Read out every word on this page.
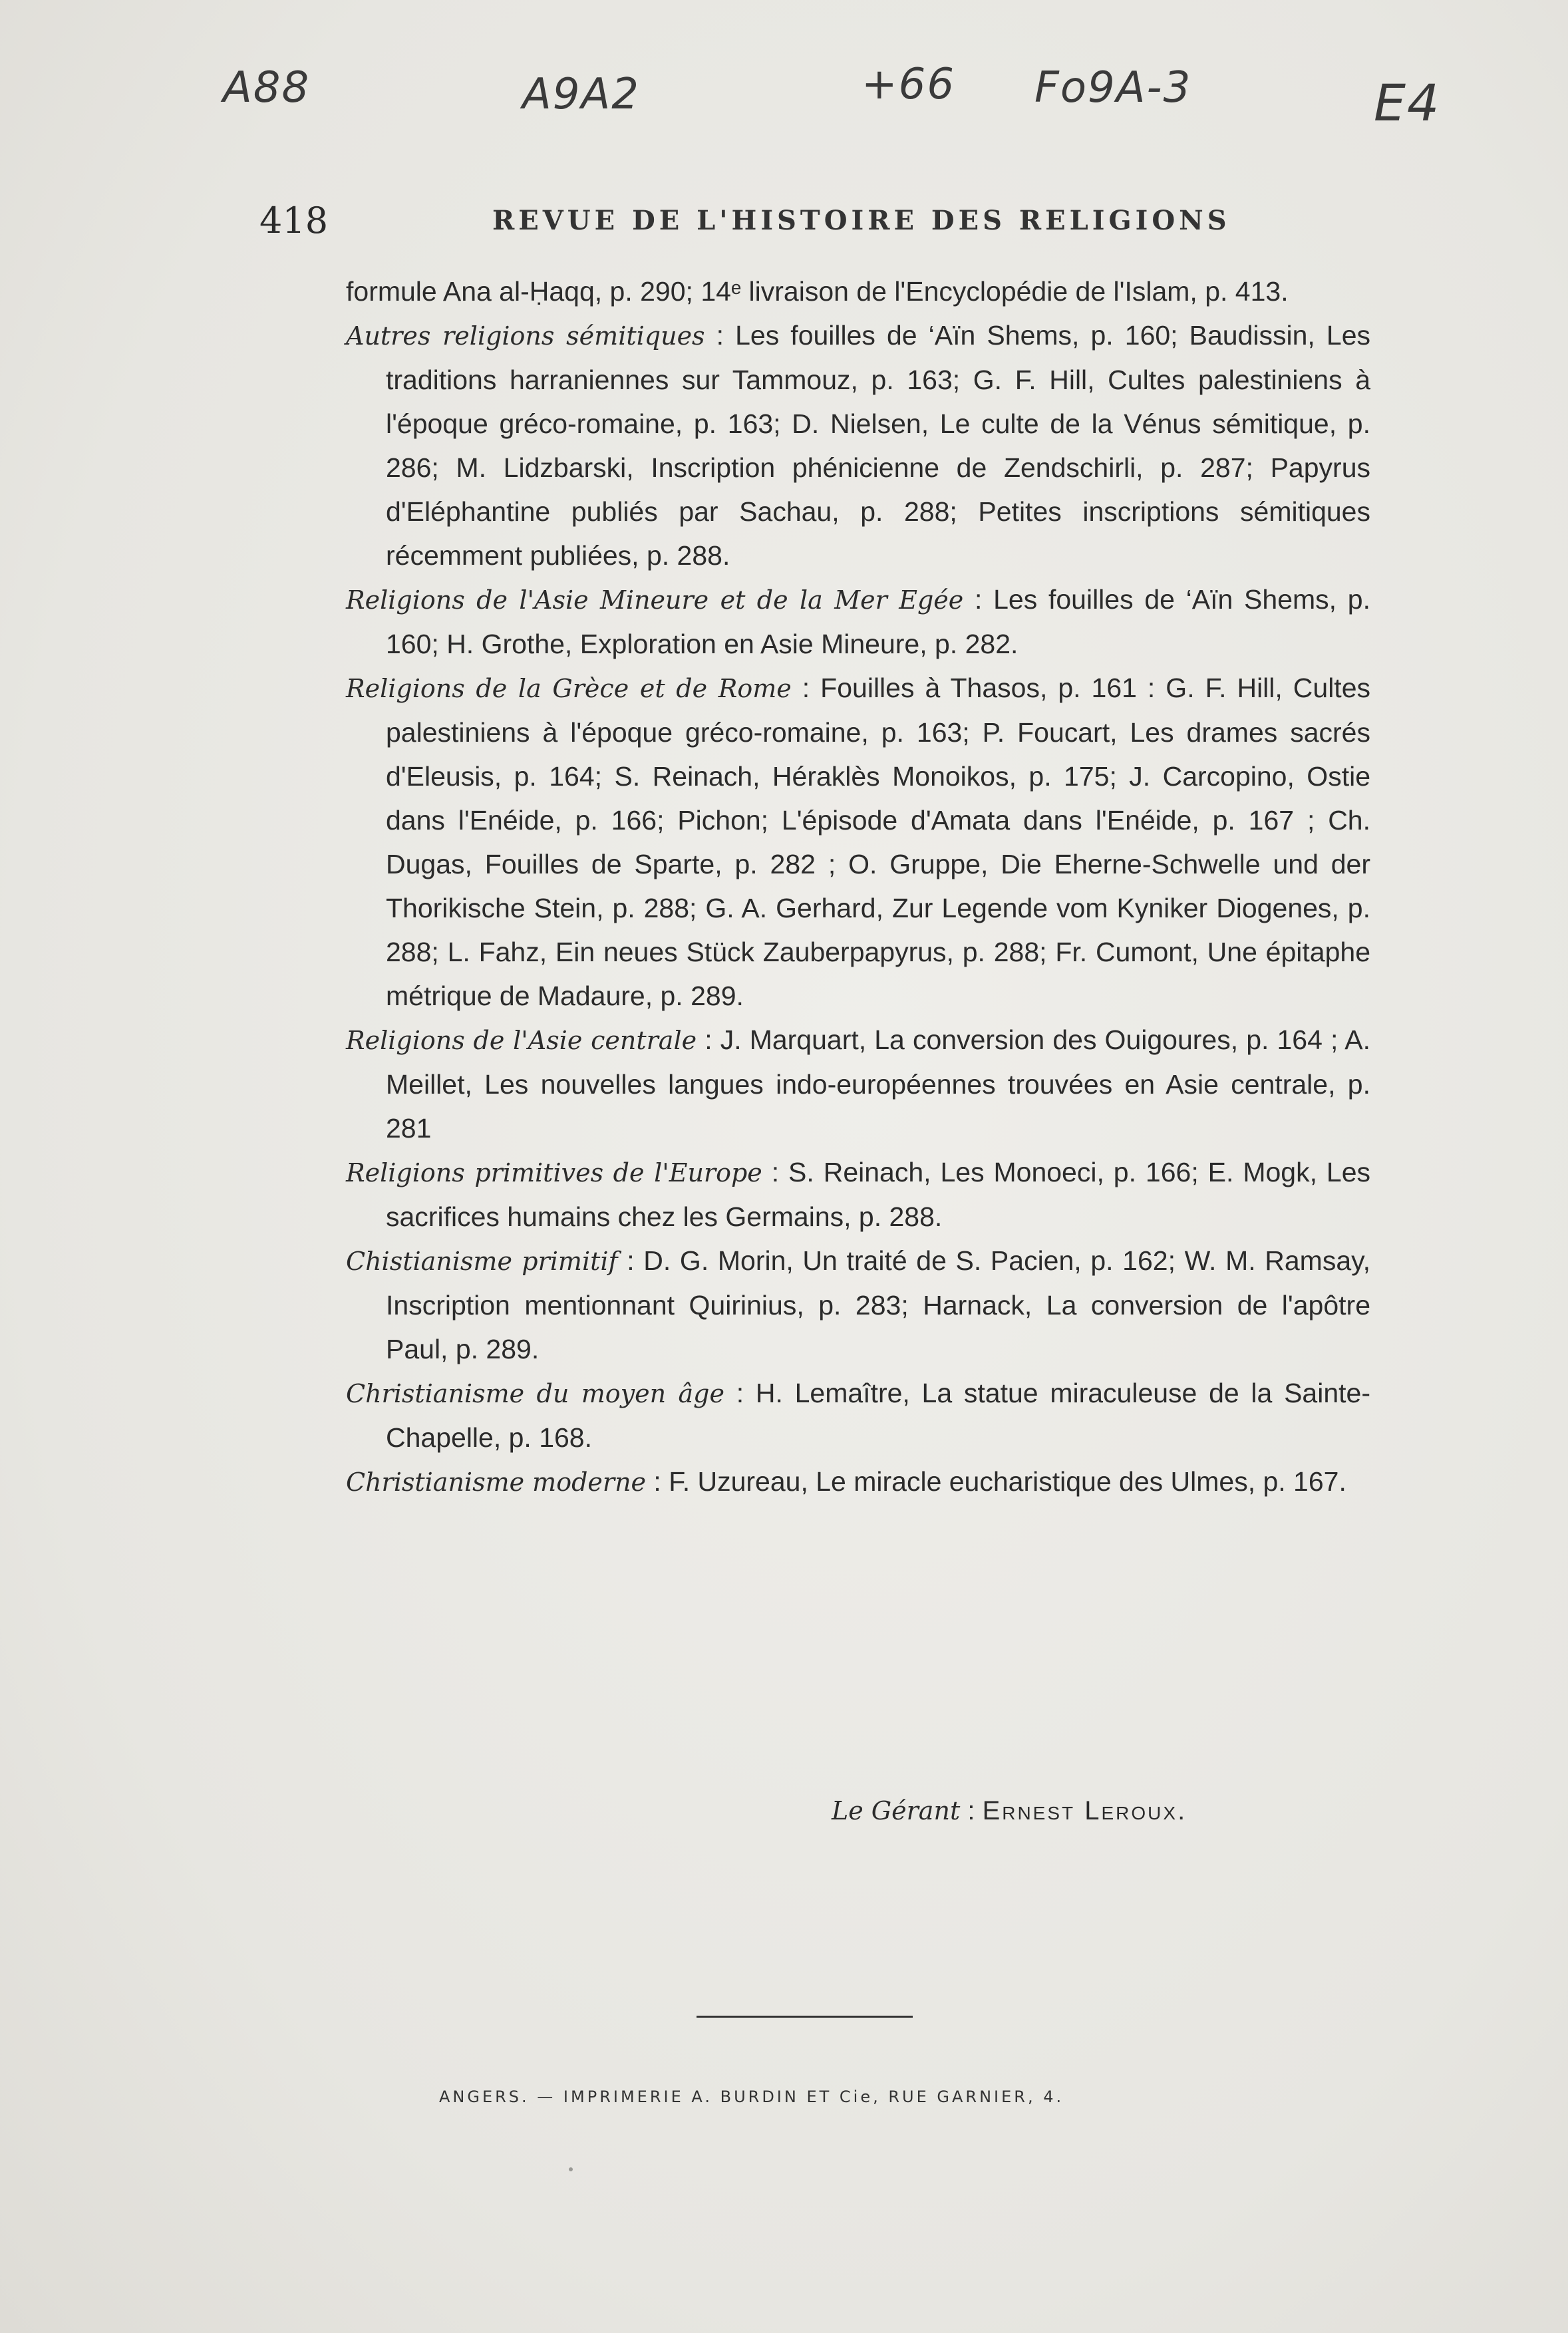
A88	A9A2	+66 Fo9A-3	E4
418	REVUE DE L'HISTOIRE DES RELIGIONS

formule Ana al-Ḥaqq, p. 290; 14ᵉ livraison de l'Encyclopédie de l'Islam, p. 413.

Autres religions sémitiques : Les fouilles de ‘Aïn Shems, p. 160; Baudissin, Les traditions harraniennes sur Tammouz, p. 163; G. F. Hill, Cultes palestiniens à l'époque gréco-romaine, p. 163; D. Nielsen, Le culte de la Vénus sémitique, p. 286; M. Lidzbarski, Inscription phénicienne de Zendschirli, p. 287; Papyrus d'Eléphantine publiés par Sachau, p. 288; Petites inscriptions sémitiques récemment publiées, p. 288.

Religions de l'Asie Mineure et de la Mer Egée : Les fouilles de ‘Aïn Shems, p. 160; H. Grothe, Exploration en Asie Mineure, p. 282.

Religions de la Grèce et de Rome : Fouilles à Thasos, p. 161 : G. F. Hill, Cultes palestiniens à l'époque gréco-romaine, p. 163; P. Foucart, Les drames sacrés d'Eleusis, p. 164; S. Reinach, Héraklès Monoikos, p. 175; J. Carcopino, Ostie dans l'Enéide, p. 166; Pichon; L'épisode d'Amata dans l'Enéide, p. 167 ; Ch. Dugas, Fouilles de Sparte, p. 282 ; O. Gruppe, Die Eherne-Schwelle und der Thorikische Stein, p. 288; G. A. Gerhard, Zur Legende vom Kyniker Diogenes, p. 288; L. Fahz, Ein neues Stück Zauberpapyrus, p. 288; Fr. Cumont, Une épitaphe métrique de Madaure, p. 289.

Religions de l'Asie centrale : J. Marquart, La conversion des Ouigoures, p. 164 ; A. Meillet, Les nouvelles langues indo-européennes trouvées en Asie centrale, p. 281

Religions primitives de l'Europe : S. Reinach, Les Monoeci, p. 166; E. Mogk, Les sacrifices humains chez les Germains, p. 288.

Chistianisme primitif : D. G. Morin, Un traité de S. Pacien, p. 162; W. M. Ramsay, Inscription mentionnant Quirinius, p. 283; Harnack, La conversion de l'apôtre Paul, p. 289.

Christianisme du moyen âge : H. Lemaître, La statue miraculeuse de la Sainte-Chapelle, p. 168.

Christianisme moderne : F. Uzureau, Le miracle eucharistique des Ulmes, p. 167.

Le Gérant : Ernest Leroux.
ANGERS. — IMPRIMERIE A. BURDIN ET Cie, RUE GARNIER, 4.
